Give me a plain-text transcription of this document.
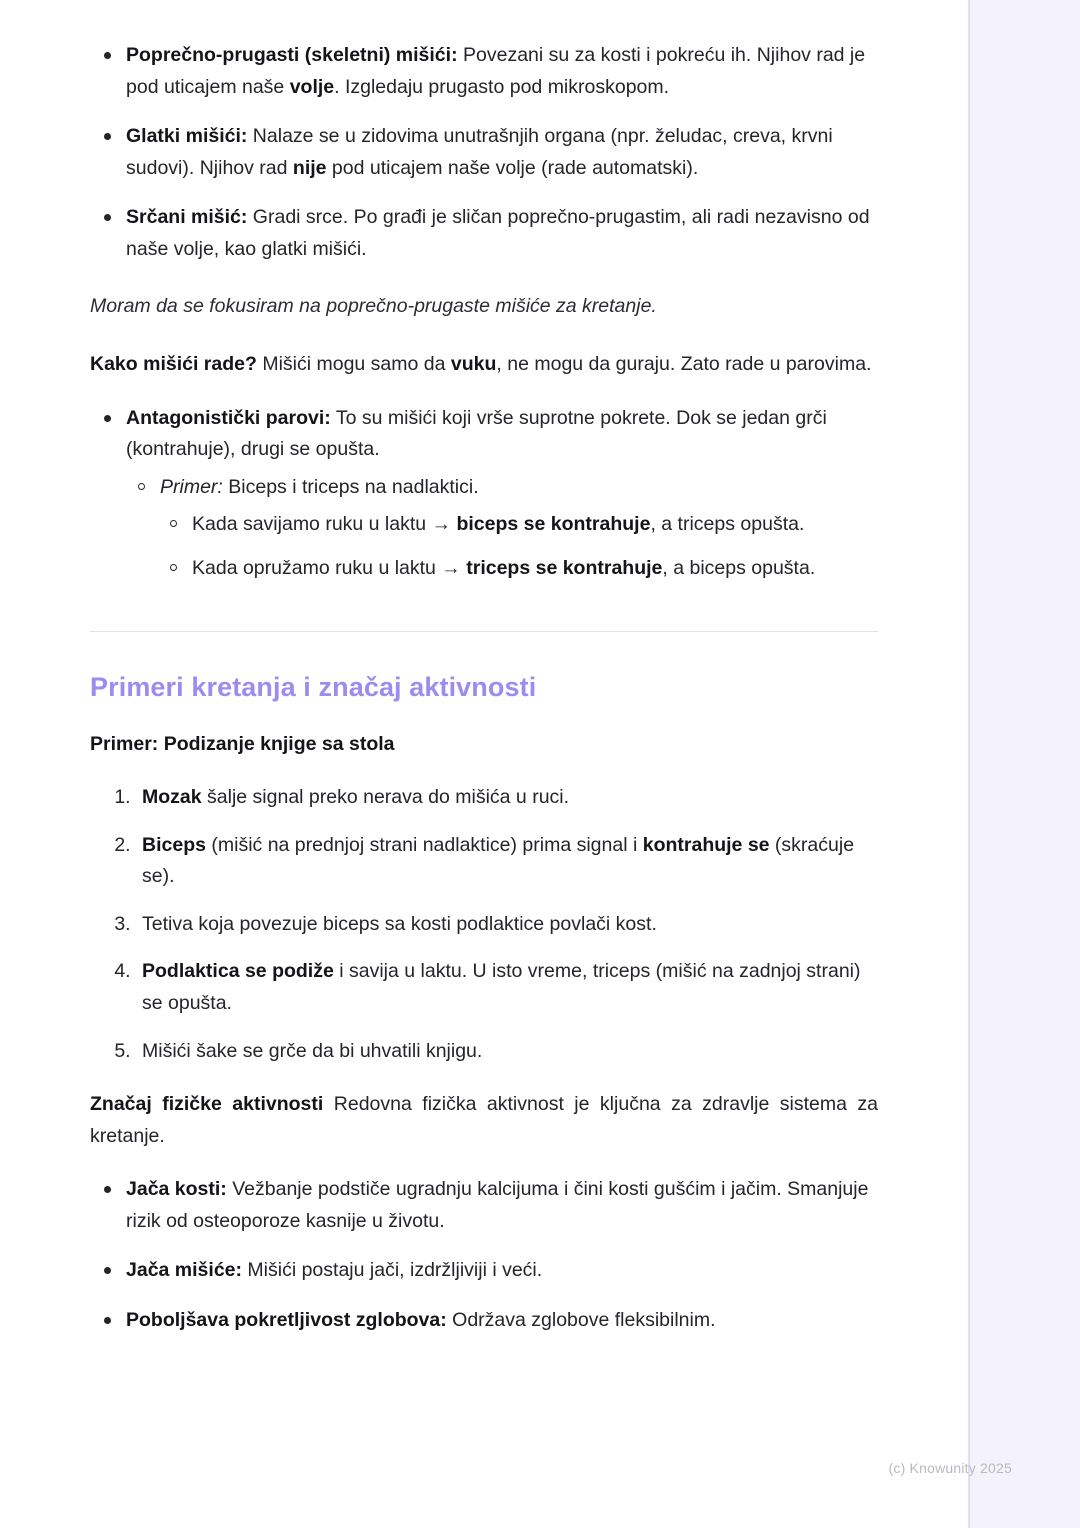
Poprečno-prugasti (skeletni) mišići: Povezani su za kosti i pokreću ih. Njihov rad je pod uticajem naše volje. Izgledaju prugasto pod mikroskopom.
Glatki mišići: Nalaze se u zidovima unutrašnjih organa (npr. želudac, creva, krvni sudovi). Njihov rad nije pod uticajem naše volje (rade automatski).
Srčani mišić: Gradi srce. Po građi je sličan poprečno-prugastim, ali radi nezavisno od naše volje, kao glatki mišići.

Moram da se fokusiram na poprečno-prugaste mišiće za kretanje.

Kako mišići rade? Mišići mogu samo da vuku, ne mogu da guraju. Zato rade u parovima.

Antagonistički parovi: To su mišići koji vrše suprotne pokrete. Dok se jedan grči (kontrahuje), drugi se opušta.
Primer: Biceps i triceps na nadlaktici.
Kada savijamo ruku u laktu → biceps se kontrahuje, a triceps opušta.
Kada opružamo ruku u laktu → triceps se kontrahuje, a biceps opušta.
Primeri kretanja i značaj aktivnosti

Primer: Podizanje knjige sa stola

1. Mozak šalje signal preko nerava do mišića u ruci.
2. Biceps (mišić na prednjoj strani nadlaktice) prima signal i kontrahuje se (skraćuje se).
3. Tetiva koja povezuje biceps sa kosti podlaktice povlači kost.
4. Podlaktica se podiže i savija u laktu. U isto vreme, triceps (mišić na zadnjoj strani) se opušta.
5. Mišići šake se grče da bi uhvatili knjigu.

Značaj fizičke aktivnosti Redovna fizička aktivnost je ključna za zdravlje sistema za kretanje.

Jača kosti: Vežbanje podstiče ugradnju kalcijuma i čini kosti gušćim i jačim. Smanjuje rizik od osteoporoze kasnije u životu.
Jača mišiće: Mišići postaju jači, izdržljiviji i veći.
Poboljšava pokretljivost zglobova: Održava zglobove fleksibilnim.
(c) Knowunity 2025
